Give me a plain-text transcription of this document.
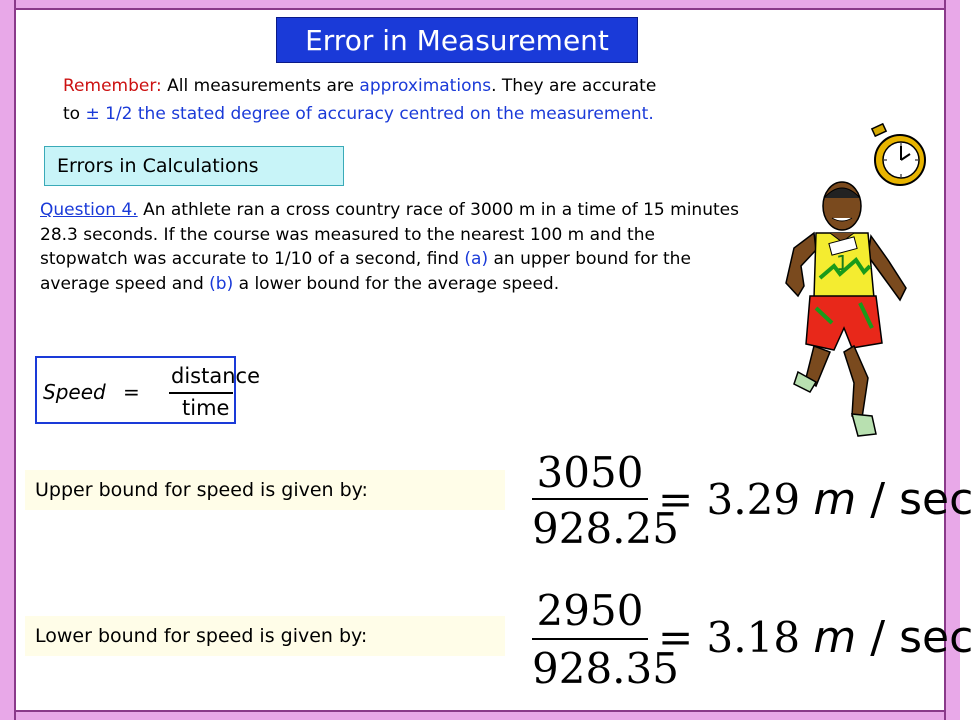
Error in Measurement
Remember: All measurements are approximations. They are accurate
to ± 1/2 the stated degree of accuracy centred on the measurement.
Errors in Calculations
1
Question 4. An athlete ran a cross country race of 3000 m in a time of 15 minutes 28.3 seconds. If the course was measured to the nearest 100 m and the stopwatch was accurate to 1/10 of a second, find (a) an upper bound for the average speed and (b) a lower bound for the average speed.
Speed =
distance
time
Upper bound for speed is given by:	3050
928.25
= 3.29 m / sec
Lower bound for speed is given by:
2950
928.35
= 3.18 m / sec
